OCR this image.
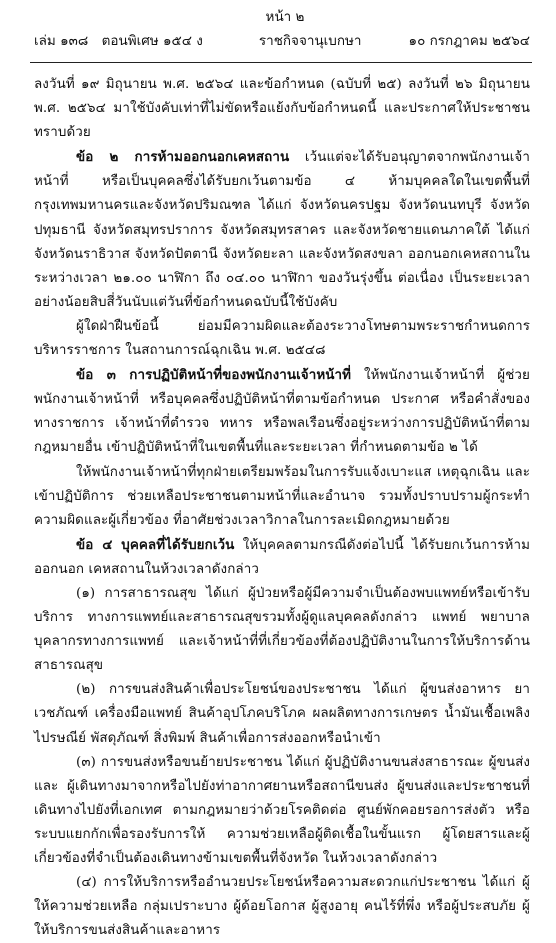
หน้า ๒
เล่ม ๑๓๘ ตอนพิเศษ ๑๕๔ ง	ราชกิจจานุเบกษา	๑๐ กรกฎาคม ๒๕๖๔

ลงวันที่ ๑๙ มิถุนายน พ.ศ. ๒๕๖๔ และข้อกำหนด (ฉบับที่ ๒๕) ลงวันที่ ๒๖ มิถุนายน พ.ศ. ๒๕๖๔ มาใช้บังคับเท่าที่ไม่ขัดหรือแย้งกับข้อกำหนดนี้ และประกาศให้ประชาชนทราบด้วย

ข้อ ๒ การห้ามออกนอกเคหสถาน เว้นแต่จะได้รับอนุญาตจากพนักงานเจ้าหน้าที่ หรือเป็นบุคคลซึ่งได้รับยกเว้นตามข้อ ๔ ห้ามบุคคลใดในเขตพื้นที่กรุงเทพมหานครและจังหวัดปริมณฑล ได้แก่ จังหวัดนครปฐม จังหวัดนนทบุรี จังหวัดปทุมธานี จังหวัดสมุทรปราการ จังหวัดสมุทรสาคร และจังหวัดชายแดนภาคใต้ ได้แก่ จังหวัดนราธิวาส จังหวัดปัตตานี จังหวัดยะลา และจังหวัดสงขลา ออกนอกเคหสถานในระหว่างเวลา ๒๑.๐๐ นาฬิกา ถึง ๐๔.๐๐ นาฬิกา ของวันรุ่งขึ้น ต่อเนื่อง เป็นระยะเวลาอย่างน้อยสิบสี่วันนับแต่วันที่ข้อกำหนดฉบับนี้ใช้บังคับ

ผู้ใดฝ่าฝืนข้อนี้ ย่อมมีความผิดและต้องระวางโทษตามพระราชกำหนดการบริหารราชการ ในสถานการณ์ฉุกเฉิน พ.ศ. ๒๕๔๘

ข้อ ๓ การปฏิบัติหน้าที่ของพนักงานเจ้าหน้าที่ ให้พนักงานเจ้าหน้าที่ ผู้ช่วยพนักงานเจ้าหน้าที่ หรือบุคคลซึ่งปฏิบัติหน้าที่ตามข้อกำหนด ประกาศ หรือคำสั่งของทางราชการ เจ้าหน้าที่ตำรวจ ทหาร หรือพลเรือนซึ่งอยู่ระหว่างการปฏิบัติหน้าที่ตามกฎหมายอื่น เข้าปฏิบัติหน้าที่ในเขตพื้นที่และระยะเวลา ที่กำหนดตามข้อ ๒ ได้

ให้พนักงานเจ้าหน้าที่ทุกฝ่ายเตรียมพร้อมในการรับแจ้งเบาะแส เหตุฉุกเฉิน และเข้าปฏิบัติการ ช่วยเหลือประชาชนตามหน้าที่และอำนาจ รวมทั้งปราบปรามผู้กระทำความผิดและผู้เกี่ยวข้อง ที่อาศัยช่วงเวลาวิกาลในการละเมิดกฎหมายด้วย

ข้อ ๔ บุคคลที่ได้รับยกเว้น ให้บุคคลตามกรณีดังต่อไปนี้ ได้รับยกเว้นการห้ามออกนอก เคหสถานในห้วงเวลาดังกล่าว

(๑) การสาธารณสุข ได้แก่ ผู้ป่วยหรือผู้มีความจำเป็นต้องพบแพทย์หรือเข้ารับบริการ ทางการแพทย์และสาธารณสุขรวมทั้งผู้ดูแลบุคคลดังกล่าว แพทย์ พยาบาล บุคลากรทางการแพทย์ และเจ้าหน้าที่ที่เกี่ยวข้องที่ต้องปฏิบัติงานในการให้บริการด้านสาธารณสุข

(๒) การขนส่งสินค้าเพื่อประโยชน์ของประชาชน ได้แก่ ผู้ขนส่งอาหาร ยา เวชภัณฑ์ เครื่องมือแพทย์ สินค้าอุปโภคบริโภค ผลผลิตทางการเกษตร น้ำมันเชื้อเพลิง ไปรษณีย์ พัสดุภัณฑ์ สิ่งพิมพ์ สินค้าเพื่อการส่งออกหรือนำเข้า

(๓) การขนส่งหรือขนย้ายประชาชน ได้แก่ ผู้ปฏิบัติงานขนส่งสาธารณะ ผู้ขนส่งและ ผู้เดินทางมาจากหรือไปยังท่าอากาศยานหรือสถานีขนส่ง ผู้ขนส่งและประชาชนที่เดินทางไปยังที่เอกเทศ ตามกฎหมายว่าด้วยโรคติดต่อ ศูนย์พักคอยรอการส่งตัว หรือระบบแยกกักเพื่อรองรับการให้ ความช่วยเหลือผู้ติดเชื้อในขั้นแรก ผู้โดยสารและผู้เกี่ยวข้องที่จำเป็นต้องเดินทางข้ามเขตพื้นที่จังหวัด ในห้วงเวลาดังกล่าว

(๔) การให้บริการหรืออำนวยประโยชน์หรือความสะดวกแก่ประชาชน ได้แก่ ผู้ให้ความช่วยเหลือ กลุ่มเปราะบาง ผู้ด้อยโอกาส ผู้สูงอายุ คนไร้ที่พึ่ง หรือผู้ประสบภัย ผู้ให้บริการขนส่งสินค้าและอาหาร
